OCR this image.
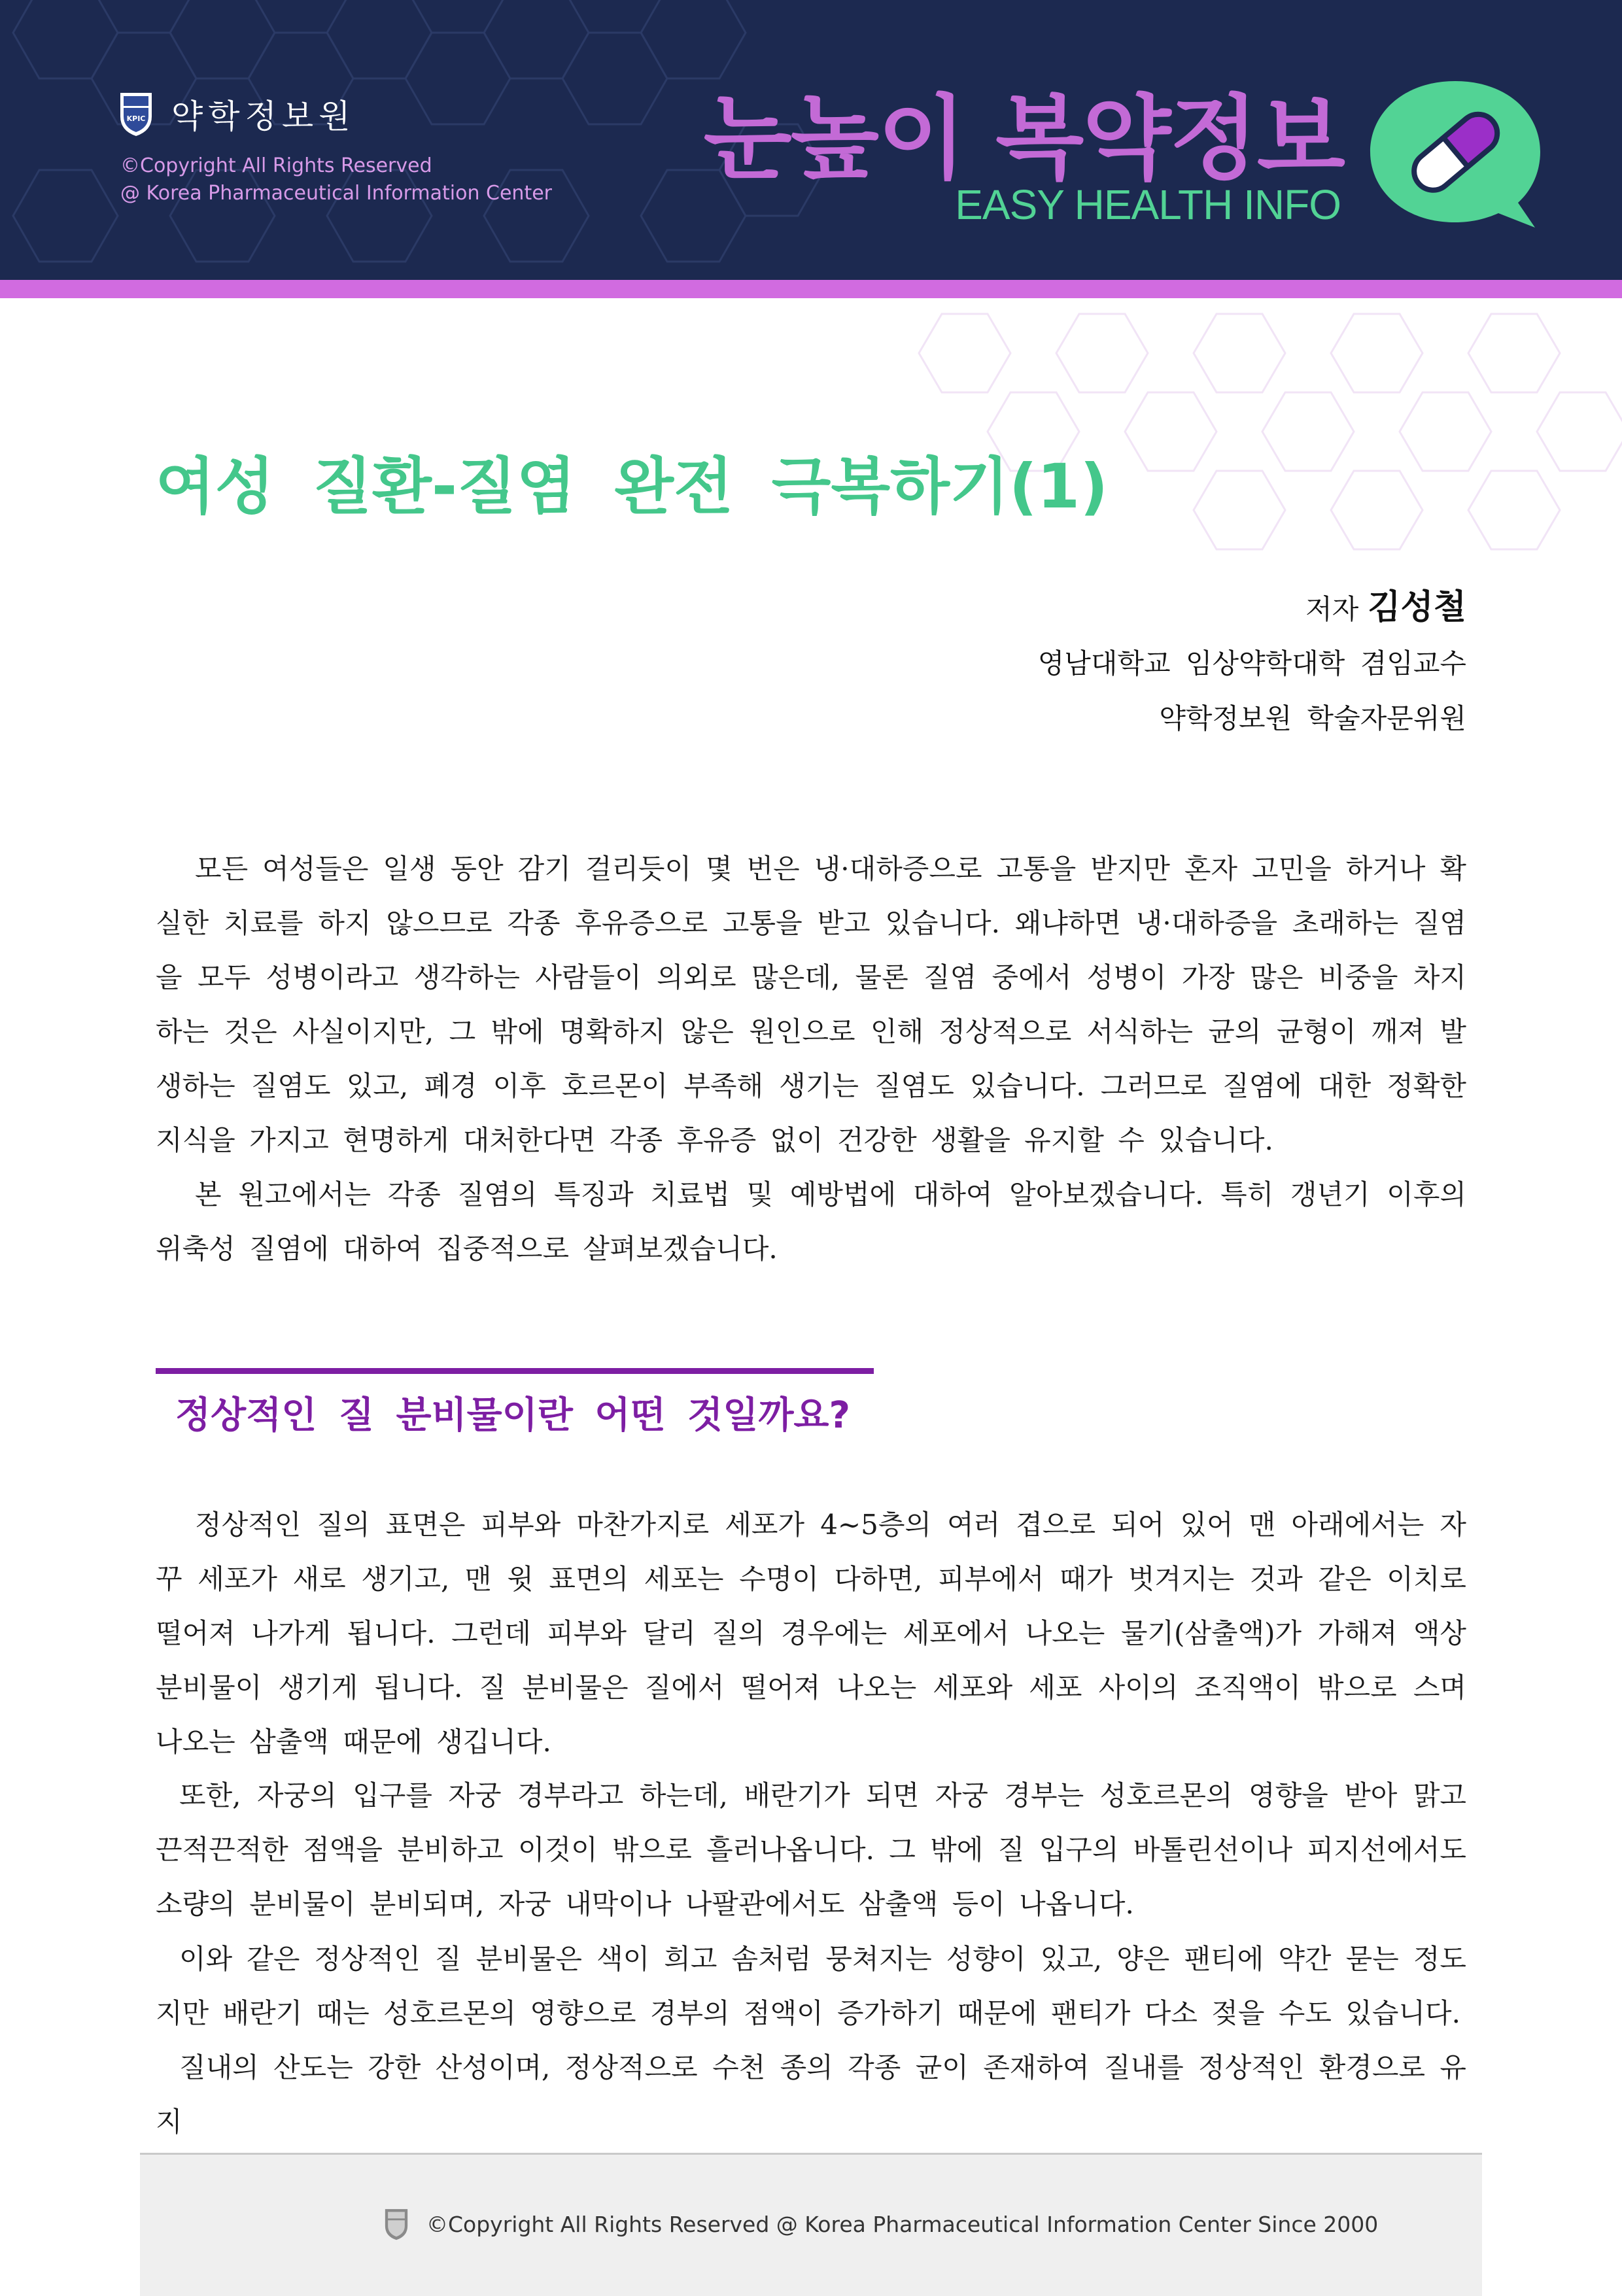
KPIC 약학정보원
©Copyright All Rights Reserved
@ Korea Pharmaceutical Information Center
눈높이 복약정보
EASY HEALTH INFO
여성 질환-질염 완전 극복하기(1)
저자 김성철
영남대학교 임상약학대학 겸임교수
약학정보원 학술자문위원

모든 여성들은 일생 동안 감기 걸리듯이 몇 번은 냉·대하증으로 고통을 받지만 혼자 고민을 하거나 확실한 치료를 하지 않으므로 각종 후유증으로 고통을 받고 있습니다. 왜냐하면 냉·대하증을 초래하는 질염을 모두 성병이라고 생각하는 사람들이 의외로 많은데, 물론 질염 중에서 성병이 가장 많은 비중을 차지하는 것은 사실이지만, 그 밖에 명확하지 않은 원인으로 인해 정상적으로 서식하는 균의 균형이 깨져 발생하는 질염도 있고, 폐경 이후 호르몬이 부족해 생기는 질염도 있습니다. 그러므로 질염에 대한 정확한 지식을 가지고 현명하게 대처한다면 각종 후유증 없이 건강한 생활을 유지할 수 있습니다.

본 원고에서는 각종 질염의 특징과 치료법 및 예방법에 대하여 알아보겠습니다. 특히 갱년기 이후의 위축성 질염에 대하여 집중적으로 살펴보겠습니다.

정상적인 질 분비물이란 어떤 것일까요?

정상적인 질의 표면은 피부와 마찬가지로 세포가 4~5층의 여러 겹으로 되어 있어 맨 아래에서는 자꾸 세포가 새로 생기고, 맨 윗 표면의 세포는 수명이 다하면, 피부에서 때가 벗겨지는 것과 같은 이치로 떨어져 나가게 됩니다. 그런데 피부와 달리 질의 경우에는 세포에서 나오는 물기(삼출액)가 가해져 액상 분비물이 생기게 됩니다. 질 분비물은 질에서 떨어져 나오는 세포와 세포 사이의 조직액이 밖으로 스며 나오는 삼출액 때문에 생깁니다.

또한, 자궁의 입구를 자궁 경부라고 하는데, 배란기가 되면 자궁 경부는 성호르몬의 영향을 받아 맑고 끈적끈적한 점액을 분비하고 이것이 밖으로 흘러나옵니다. 그 밖에 질 입구의 바톨린선이나 피지선에서도 소량의 분비물이 분비되며, 자궁 내막이나 나팔관에서도 삼출액 등이 나옵니다.

이와 같은 정상적인 질 분비물은 색이 희고 솜처럼 뭉쳐지는 성향이 있고, 양은 팬티에 약간 묻는 정도지만 배란기 때는 성호르몬의 영향으로 경부의 점액이 증가하기 때문에 팬티가 다소 젖을 수도 있습니다.

질내의 산도는 강한 산성이며, 정상적으로 수천 종의 각종 균이 존재하여 질내를 정상적인 환경으로 유지

©Copyright All Rights Reserved @ Korea Pharmaceutical Information Center Since 2000
